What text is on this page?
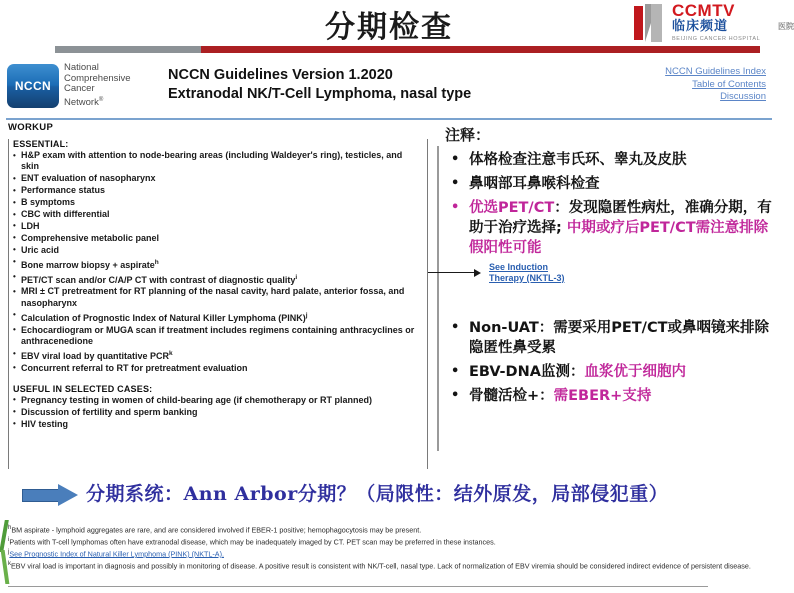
分期检查	CCMTV
临床频道	医院
BEIJING CANCER HOSPITAL
NCCN
National
Comprehensive
Cancer
Network®
NCCN Guidelines Version 1.2020
Extranodal NK/T-Cell Lymphoma, nasal type
NCCN Guidelines Index
Table of Contents
Discussion
WORKUP
ESSENTIAL:
• H&P exam with attention to node-bearing areas (including Waldeyer's ring), testicles, and skin
• ENT evaluation of nasopharynx
• Performance status
• B symptoms
• CBC with differential
• LDH
• Comprehensive metabolic panel
• Uric acid
• Bone marrow biopsy + aspirate$^h$
• PET/CT scan and/or C/A/P CT with contrast of diagnostic quality$^i$
• MRI ± CT pretreatment for RT planning of the nasal cavity, hard palate, anterior fossa, and nasopharynx
• Calculation of Prognostic Index of Natural Killer Lymphoma (PINK)$^j$
• Echocardiogram or MUGA scan if treatment includes regimens containing anthracyclines or anthracenedione
• EBV viral load by quantitative PCR$^k$
• Concurrent referral to RT for pretreatment evaluation
USEFUL IN SELECTED CASES:
• Pregnancy testing in women of child-bearing age (if chemotherapy or RT planned)
• Discussion of fertility and sperm banking
• HIV testing
注释：
• 体格检查注意韦氏环、睾丸及皮肤
• 鼻咽部耳鼻喉科检查
• 优选PET/CT：发现隐匿性病灶，准确分期，有助于治疗选择; 中期或疗后PET/CT需注意排除假阳性可能
See Induction
Therapy (NKTL-3)
• Non-UAT：需要采用PET/CT或鼻咽镜来排除隐匿性鼻受累
• EBV-DNA监测：血浆优于细胞内
• 骨髓活检+：需EBER+支持
分期系统：Ann Arbor分期？（局限性：结外原发，局部侵犯重）
$^h$BM aspirate - lymphoid aggregates are rare, and are considered involved if EBER-1 positive; hemophagocytosis may be present.
$^i$Patients with T-cell lymphomas often have extranodal disease, which may be inadequately imaged by CT. PET scan may be preferred in these instances.
$^j$See Prognostic Index of Natural Killer Lymphoma (PINK) (NKTL-A).
$^k$EBV viral load is important in diagnosis and possibly in monitoring of disease. A positive result is consistent with NK/T-cell, nasal type. Lack of normalization of EBV viremia should be considered indirect evidence of persistent disease.
